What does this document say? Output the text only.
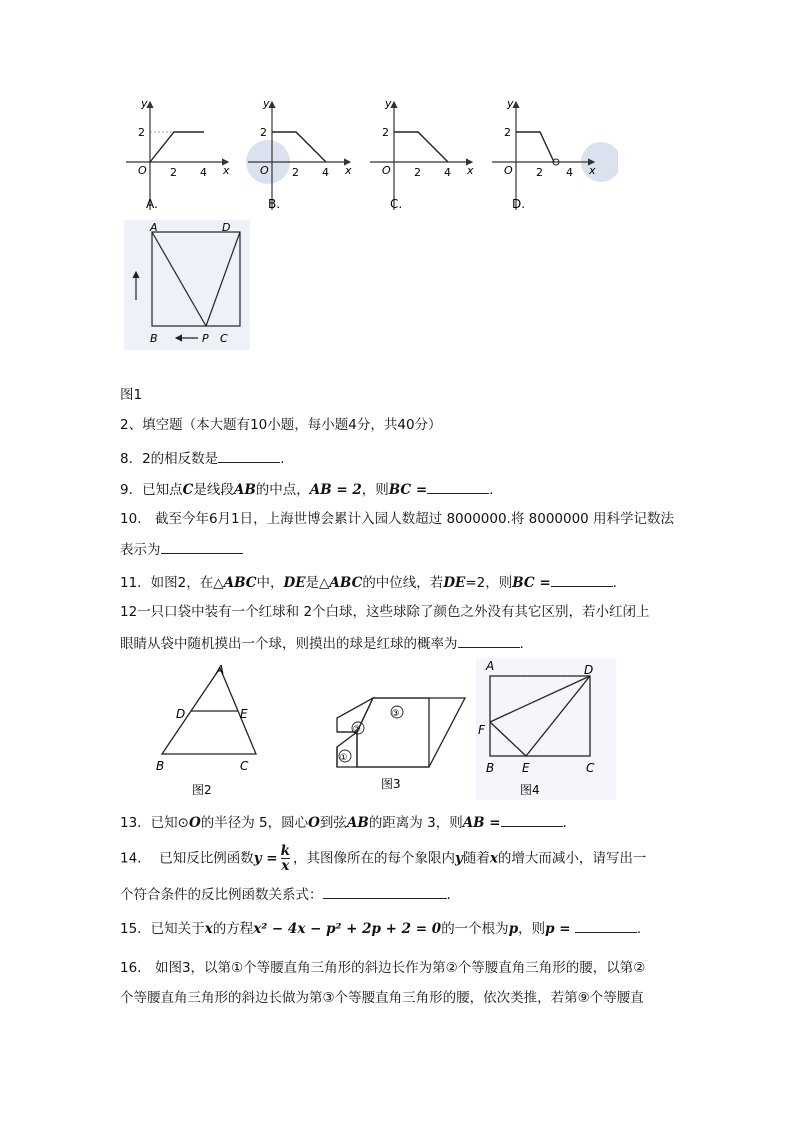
y
x
O
2
2 4
A.
y
x
O
2
2 4
B.
y
x
O
2
2 4
C.
y
x
O
2
2 4
D.
A	D
B	P C
图1
2、填空题（本大题有10小题，每小题4分，共40分）
8．2的相反数是	.
9．已知点C是线段AB的中点，AB = 2，则BC =	.
10.　截至今年6月1日，上海世博会累计入园人数超过 8000000.将 8000000 用科学记数法
表示为
11．如图2，在△ABC中，DE是△ABC的中位线，若DE=2，则BC =	.
12一只口袋中装有一个红球和 2个白球，这些球除了颜色之外没有其它区别，若小红闭上
眼睛从袋中随机摸出一个球，则摸出的球是红球的概率为	.
A
D	E
B	C
图2
①
②
③
图3
A	D
F
B E	C
图4
13．已知⊙O的半径为 5，圆心O到弦AB的距离为 3，则AB =	.
14.　 已知反比例函数$y = \frac{k}{x}$ ，其图像所在的每个象限内y随着x的增大而减小，请写出一
个符合条件的反比例函数关系式：	.
15．已知关于x的方程x² − 4x − p² + 2p + 2 = 0的一个根为p，则p =	.
16.　如图3，以第①个等腰直角三角形的斜边长作为第②个等腰直角三角形的腰，以第②
个等腰直角三角形的斜边长做为第③个等腰直角三角形的腰，依次类推，若第⑨个等腰直
